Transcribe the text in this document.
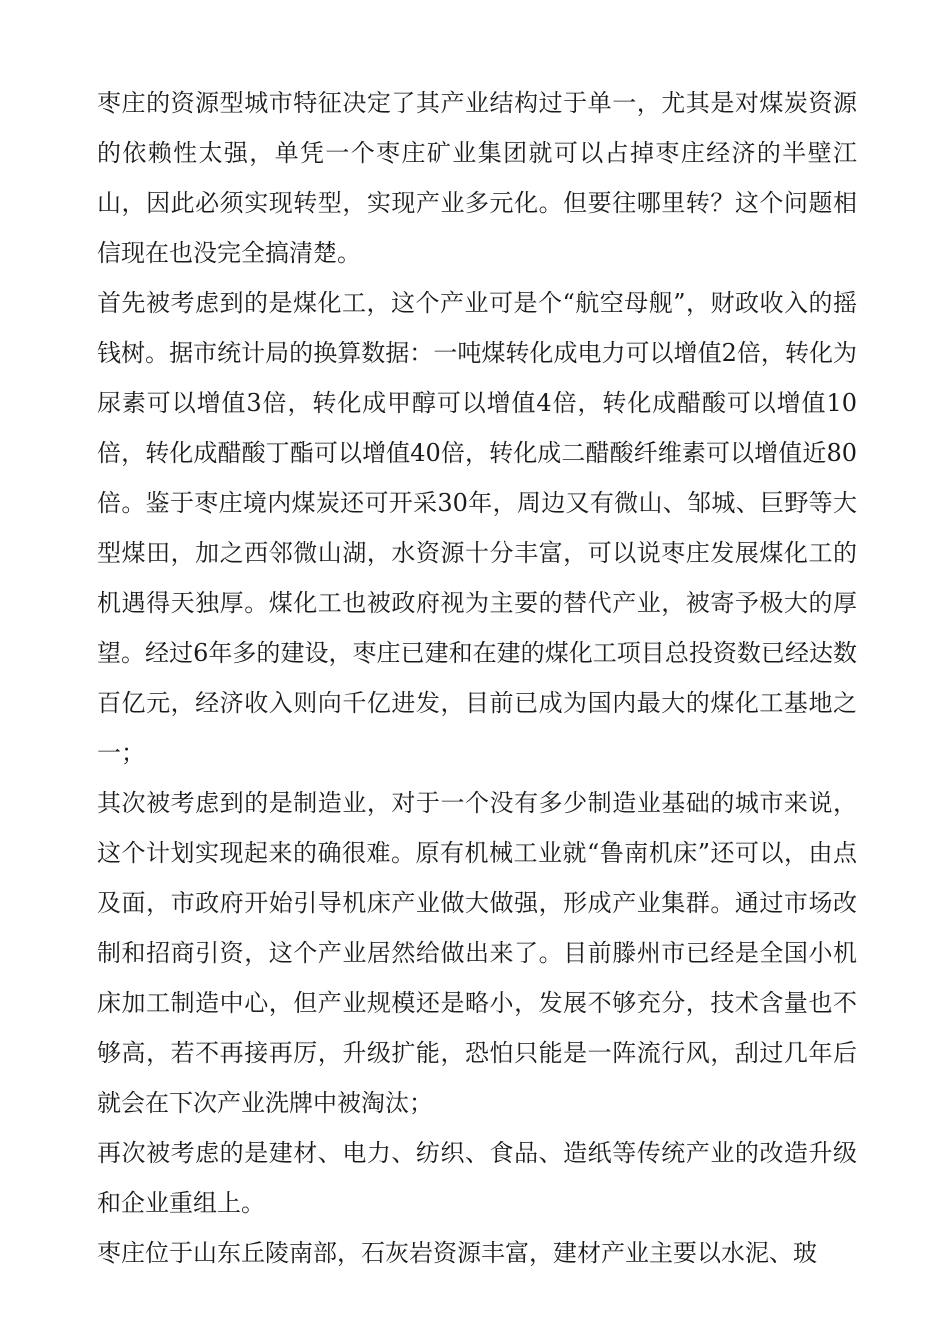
枣庄的资源型城市特征决定了其产业结构过于单一，尤其是对煤炭资源的依赖性太强，单凭一个枣庄矿业集团就可以占掉枣庄经济的半壁江山，因此必须实现转型，实现产业多元化。但要往哪里转？这个问题相信现在也没完全搞清楚。

首先被考虑到的是煤化工，这个产业可是个“航空母舰”，财政收入的摇钱树。据市统计局的换算数据：一吨煤转化成电力可以增值2倍，转化为尿素可以增值3倍，转化成甲醇可以增值4倍，转化成醋酸可以增值10倍，转化成醋酸丁酯可以增值40倍，转化成二醋酸纤维素可以增值近80倍。鉴于枣庄境内煤炭还可开采30年，周边又有微山、邹城、巨野等大型煤田，加之西邻微山湖，水资源十分丰富，可以说枣庄发展煤化工的机遇得天独厚。煤化工也被政府视为主要的替代产业，被寄予极大的厚望。经过6年多的建设，枣庄已建和在建的煤化工项目总投资数已经达数百亿元，经济收入则向千亿进发，目前已成为国内最大的煤化工基地之一；

其次被考虑到的是制造业，对于一个没有多少制造业基础的城市来说，这个计划实现起来的确很难。原有机械工业就“鲁南机床”还可以，由点及面，市政府开始引导机床产业做大做强，形成产业集群。通过市场改制和招商引资，这个产业居然给做出来了。目前滕州市已经是全国小机床加工制造中心，但产业规模还是略小，发展不够充分，技术含量也不够高，若不再接再厉，升级扩能，恐怕只能是一阵流行风，刮过几年后就会在下次产业洗牌中被淘汰；

再次被考虑的是建材、电力、纺织、食品、造纸等传统产业的改造升级和企业重组上。

枣庄位于山东丘陵南部，石灰岩资源丰富，建材产业主要以水泥、玻
